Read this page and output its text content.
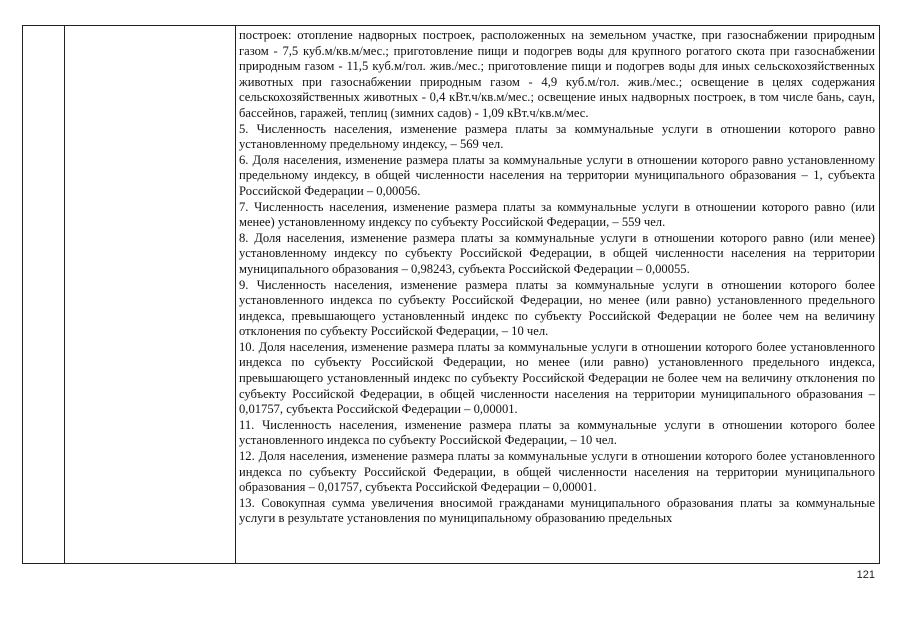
построек: отопление надворных построек, расположенных на земельном участке, при газоснабжении природным газом - 7,5 куб.м/кв.м/мес.; приготовление пищи и подогрев воды для крупного рогатого скота при газоснабжении природным газом - 11,5 куб.м/гол. жив./мес.; приготовление пищи и подогрев воды для иных сельскохозяйственных животных при газоснабжении природным газом - 4,9 куб.м/гол. жив./мес.; освещение в целях содержания сельскохозяйственных животных - 0,4 кВт.ч/кв.м/мес.; освещение иных надворных построек, в том числе бань, саун, бассейнов, гаражей, теплиц (зимних садов) - 1,09 кВт.ч/кв.м/мес.

5. Численность населения, изменение размера платы за коммунальные услуги в отношении которого равно установленному предельному индексу, – 569 чел.

6. Доля населения, изменение размера платы за коммунальные услуги в отношении которого равно установленному предельному индексу, в общей численности населения на территории муниципального образования – 1, субъекта Российской Федерации – 0,00056.

7. Численность населения, изменение размера платы за коммунальные услуги в отношении которого равно (или менее) установленному индексу по субъекту Российской Федерации, – 559 чел.

8. Доля населения, изменение размера платы за коммунальные услуги в отношении которого равно (или менее) установленному индексу по субъекту Российской Федерации, в общей численности населения на территории муниципального образования – 0,98243, субъекта Российской Федерации – 0,00055.

9. Численность населения, изменение размера платы за коммунальные услуги в отношении которого более установленного индекса по субъекту Российской Федерации, но менее (или равно) установленного предельного индекса, превышающего установленный индекс по субъекту Российской Федерации не более чем на величину отклонения по субъекту Российской Федерации, – 10 чел.

10. Доля населения, изменение размера платы за коммунальные услуги в отношении которого более установленного индекса по субъекту Российской Федерации, но менее (или равно) установленного предельного индекса, превышающего установленный индекс по субъекту Российской Федерации не более чем на величину отклонения по субъекту Российской Федерации, в общей численности населения на территории муниципального образования – 0,01757, субъекта Российской Федерации – 0,00001.

11. Численность населения, изменение размера платы за коммунальные услуги в отношении которого более установленного индекса по субъекту Российской Федерации, – 10 чел.

12. Доля населения, изменение размера платы за коммунальные услуги в отношении которого более установленного индекса по субъекту Российской Федерации, в общей численности населения на территории муниципального образования – 0,01757, субъекта Российской Федерации – 0,00001.

13. Совокупная сумма увеличения вносимой гражданами муниципального образования платы за коммунальные услуги в результате установления по муниципальному образованию предельных

121
